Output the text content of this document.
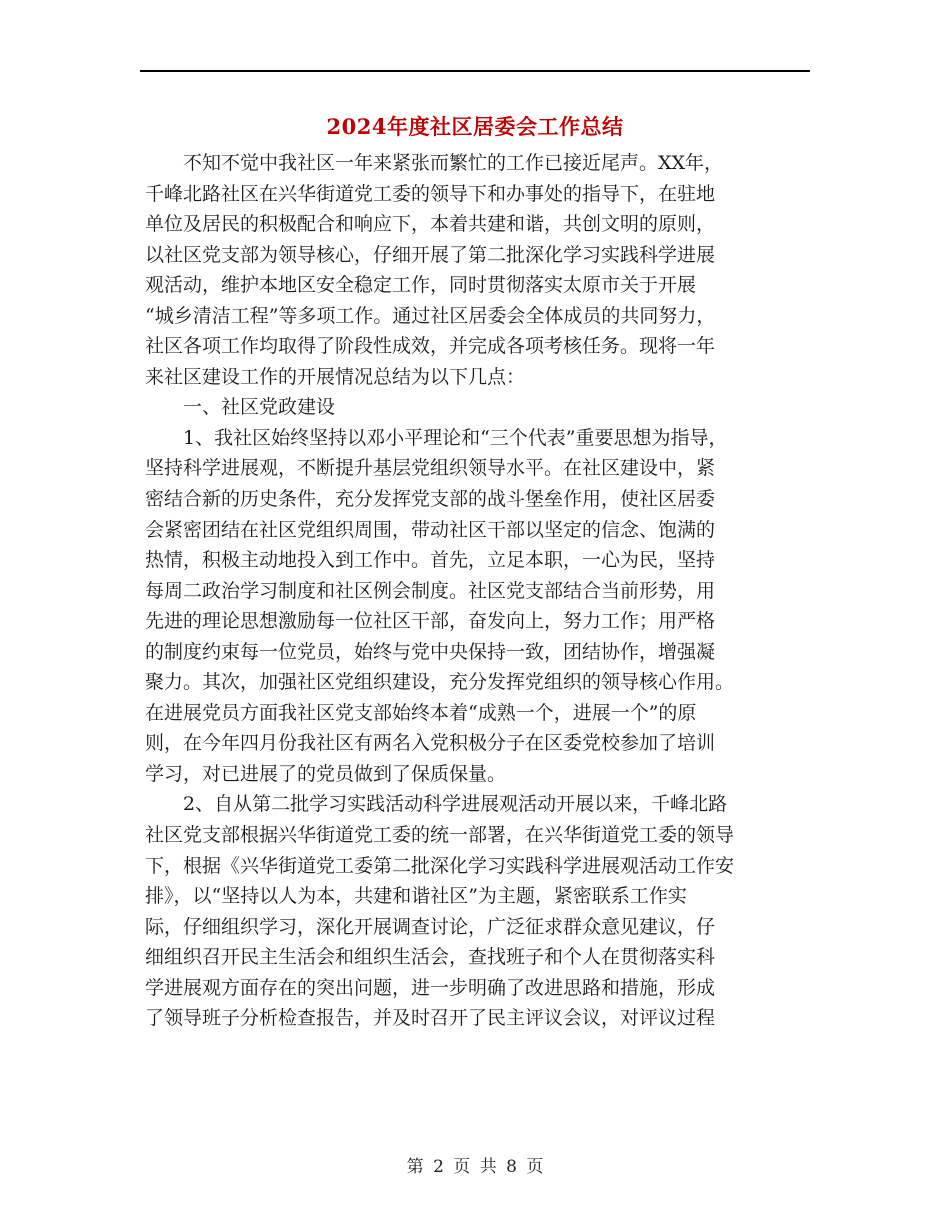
2024年度社区居委会工作总结
不知不觉中我社区一年来紧张而繁忙的工作已接近尾声。XX年，
千峰北路社区在兴华街道党工委的领导下和办事处的指导下，在驻地
单位及居民的积极配合和响应下，本着共建和谐，共创文明的原则，
以社区党支部为领导核心，仔细开展了第二批深化学习实践科学进展
观活动，维护本地区安全稳定工作，同时贯彻落实太原市关于开展
“城乡清洁工程”等多项工作。通过社区居委会全体成员的共同努力，
社区各项工作均取得了阶段性成效，并完成各项考核任务。现将一年
来社区建设工作的开展情况总结为以下几点：
一、社区党政建设
1、我社区始终坚持以邓小平理论和“三个代表”重要思想为指导，
坚持科学进展观，不断提升基层党组织领导水平。在社区建设中，紧
密结合新的历史条件，充分发挥党支部的战斗堡垒作用，使社区居委
会紧密团结在社区党组织周围，带动社区干部以坚定的信念、饱满的
热情，积极主动地投入到工作中。首先，立足本职，一心为民，坚持
每周二政治学习制度和社区例会制度。社区党支部结合当前形势，用
先进的理论思想激励每一位社区干部，奋发向上，努力工作；用严格
的制度约束每一位党员，始终与党中央保持一致，团结协作，增强凝
聚力。其次，加强社区党组织建设，充分发挥党组织的领导核心作用。
在进展党员方面我社区党支部始终本着“成熟一个，进展一个”的原
则，在今年四月份我社区有两名入党积极分子在区委党校参加了培训
学习，对已进展了的党员做到了保质保量。
2、自从第二批学习实践活动科学进展观活动开展以来，千峰北路
社区党支部根据兴华街道党工委的统一部署，在兴华街道党工委的领导
下，根据《兴华街道党工委第二批深化学习实践科学进展观活动工作安
排》，以“坚持以人为本，共建和谐社区”为主题，紧密联系工作实
际，仔细组织学习，深化开展调查讨论，广泛征求群众意见建议，仔
细组织召开民主生活会和组织生活会，查找班子和个人在贯彻落实科
学进展观方面存在的突出问题，进一步明确了改进思路和措施，形成
了领导班子分析检查报告，并及时召开了民主评议会议，对评议过程
第 2 页 共 8 页
